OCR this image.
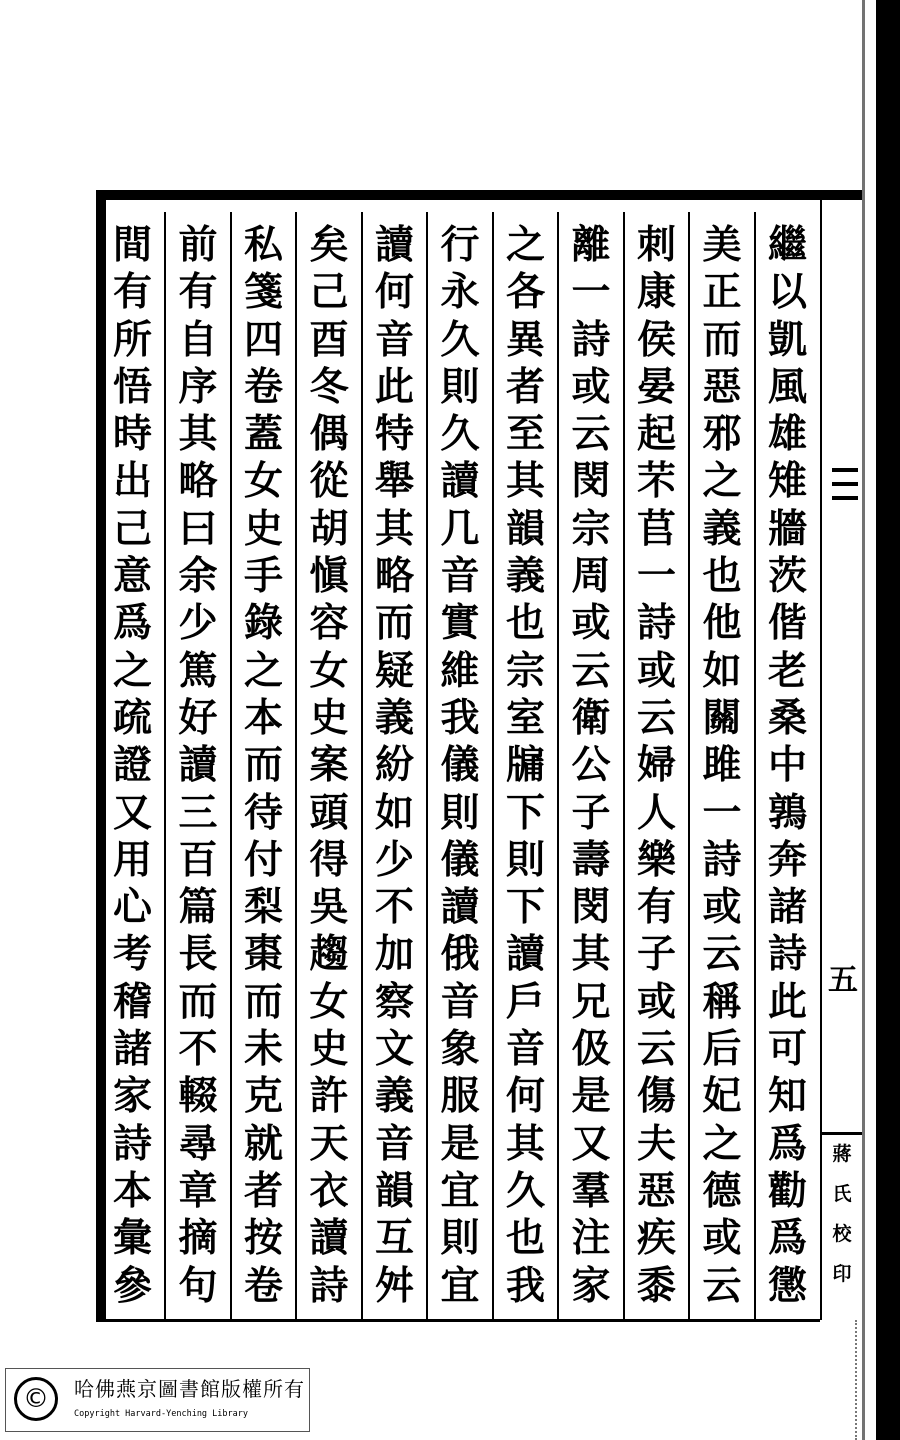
繼
以
凱
風
雄
雉
牆
茨
偕
老
桑
中
鶉
奔
諸
詩
此
可
知
爲
勸
爲
懲
美
正
而
惡
邪
之
義
也
他
如
關
雎
一
詩
或
云
稱
后
妃
之
德
或
云
刺
康
侯
晏
起
芣
苢
一
詩
或
云
婦
人
樂
有
子
或
云
傷
夫
惡
疾
黍
離
一
詩
或
云
閔
宗
周
或
云
衛
公
子
壽
閔
其
兄
伋
是
又
羣
注
家
之
各
異
者
至
其
韻
義
也
宗
室
牖
下
則
下
讀
戶
音
何
其
久
也
我
行
永
久
則
久
讀
几
音
實
維
我
儀
則
儀
讀
俄
音
象
服
是
宜
則
宜
讀
何
音
此
特
舉
其
略
而
疑
義
紛
如
少
不
加
察
文
義
音
韻
互
舛
矣
己
酉
冬
偶
從
胡
愼
容
女
史
案
頭
得
吳
趨
女
史
許
天
衣
讀
詩
私
箋
四
卷
蓋
女
史
手
錄
之
本
而
待
付
梨
棗
而
未
克
就
者
按
卷
前
有
自
序
其
略
曰
余
少
篤
好
讀
三
百
篇
長
而
不
輟
尋
章
摘
句
間
有
所
悟
時
出
己
意
爲
之
疏
證
又
用
心
考
稽
諸
家
詩
本
彙
參
五
蔣
氏
校
印
©	哈佛燕京圖書館版權所有
Copyright Harvard-Yenching Library
